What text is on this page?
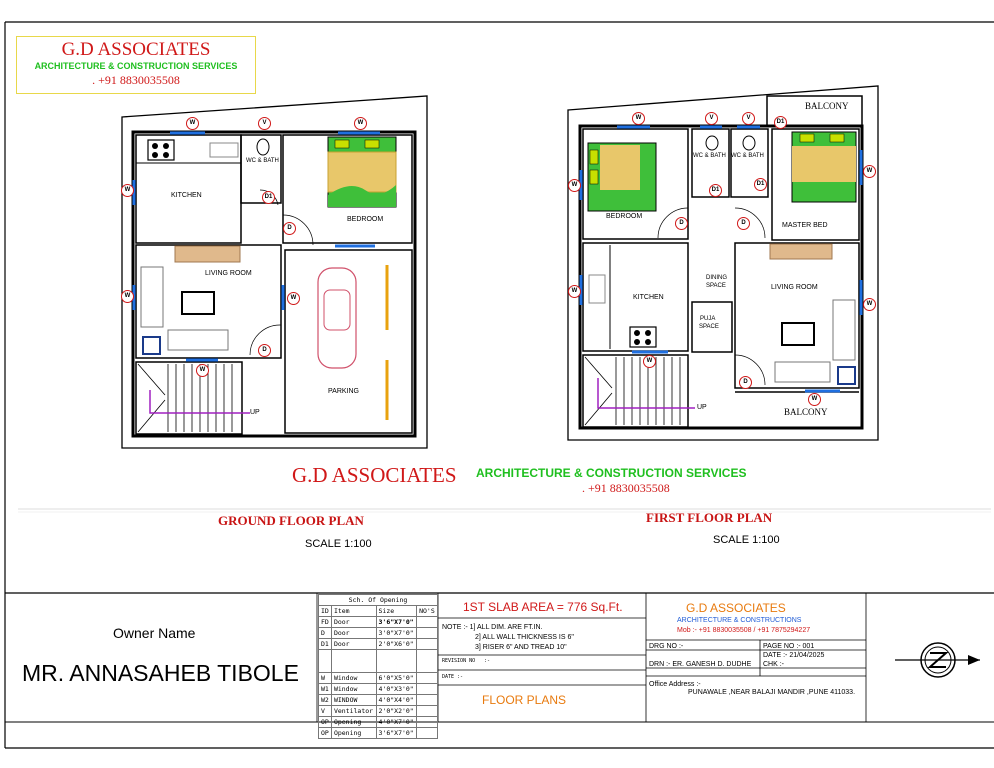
G.D ASSOCIATES
ARCHITECTURE & CONSTRUCTION SERVICES
. +91 8830035508
KITCHEN
WC & BATH
BEDROOM
LIVING ROOM
PARKING
UP
BALCONY
WC & BATH WC & BATH
BEDROOM
MASTER BED
DINING
SPACE	LIVING ROOM
KITCHEN
PUJA
SPACE
BALCONY
UP
W	V	W
W
D1
D
W	W
D
W
W	V	V
D1
W
W
D1
D1
D	D
W
W
W
D
W
G.D ASSOCIATES ARCHITECTURE & CONSTRUCTION SERVICES
. +91 8830035508
GROUND FLOOR PLAN
SCALE 1:100
FIRST FLOOR PLAN
SCALE 1:100
Owner Name
MR. ANNASAHEB TIBOLE
Sch. Of Opening			
ID	Item	Size	NO'S
FD	Door	3'6"X7'0"	
D	Door	3'0"X7'0"	
D1	Door	2'0"X6'0"	

W	Window	6'0"X5'0"	
W1	Window	4'0"X3'0"	
W2	WINDOW	4'0"X4'0"	
V	Ventilator	2'0"X2'0"	
OP	Opening	4'0"X7'0"	
OP	Opening	3'6"X7'0"	
1ST SLAB AREA = 776 Sq.Ft.
NOTE :- 1] ALL DIM. ARE FT.IN.
2] ALL WALL THICKNESS IS 6"
3] RISER 6" AND TREAD 10"
REVISION NO :-
DATE :-
FLOOR PLANS
G.D ASSOCIATES
ARCHITECTURE & CONSTRUCTIONS
Mob :- +91 8830035508 / +91 7875294227
DRG NO :-	PAGE NO :- 001
DATE :- 21/04/2025
DRN :- ER. GANESH D. DUDHE CHK :-
Office Address :-
PUNAWALE ,NEAR BALAJI MANDIR ,PUNE 411033.
